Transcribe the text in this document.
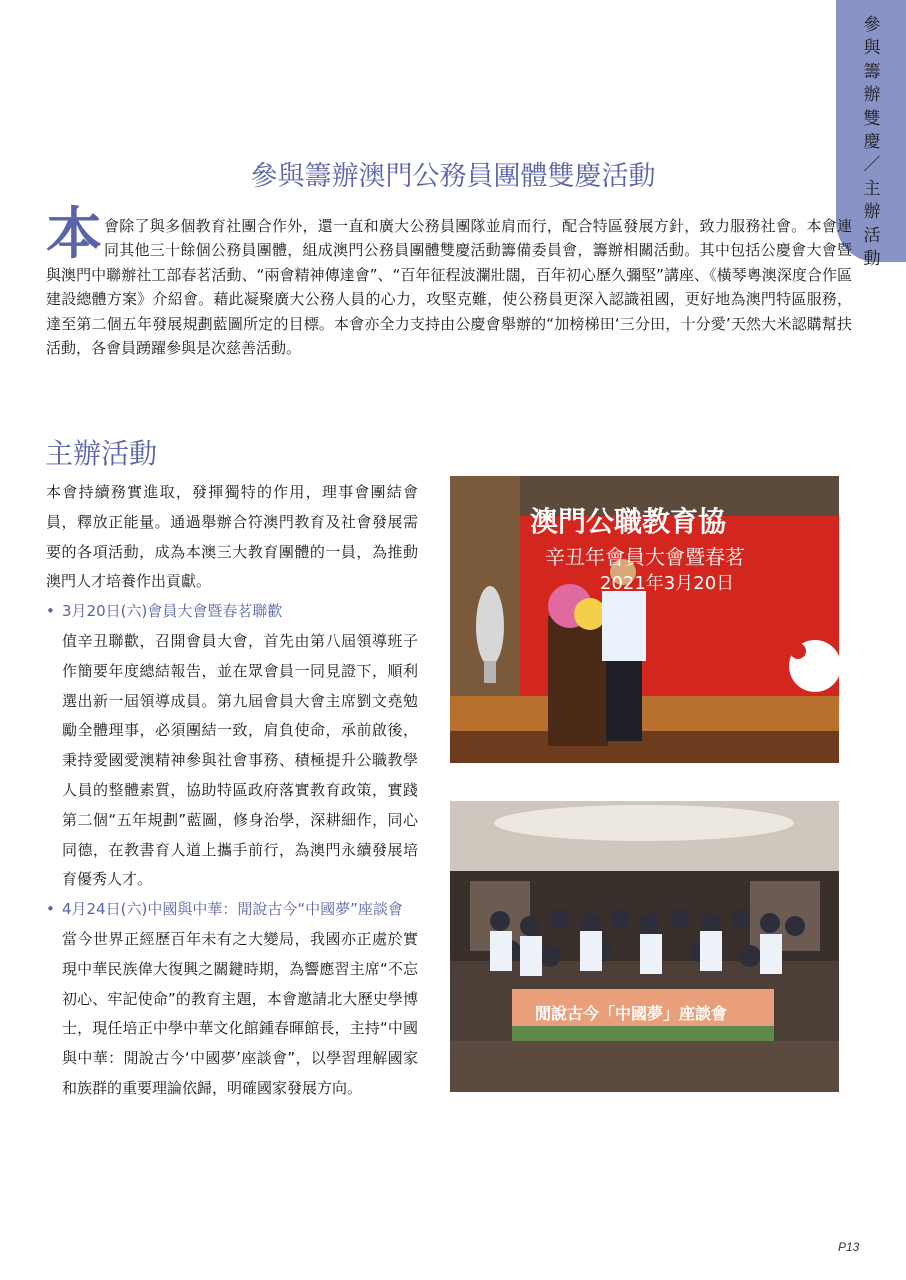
參與籌辦雙慶／主辦活動
參與籌辦澳門公務員團體雙慶活動
本 會除了與多個教育社團合作外，還一直和廣大公務員團隊並肩而行，配合特區發展方針，致力服務社會。本會連同其他三十餘個公務員團體，組成澳門公務員團體雙慶活動籌備委員會，籌辦相關活動。其中包括公慶會大會暨與澳門中聯辦社工部春茗活動、“兩會精神傳達會”、“百年征程波瀾壯闊，百年初心歷久彌堅”講座、《橫琴粵澳深度合作區建設總體方案》介紹會。藉此凝聚廣大公務人員的心力，攻堅克難，使公務員更深入認識祖國，更好地為澳門特區服務，達至第二個五年發展規劃藍圖所定的目標。本會亦全力支持由公慶會舉辦的“加榜梯田‘三分田，十分愛’天然大米認購幫扶活動，各會員踴躍參與是次慈善活動。

主辦活動

本會持續務實進取，發揮獨特的作用，理事會團結會員，釋放正能量。通過舉辦合符澳門教育及社會發展需要的各項活動，成為本澳三大教育團體的一員，為推動澳門人才培養作出貢獻。

• 3月20日(六)會員大會暨春茗聯歡

值辛丑聯歡，召開會員大會，首先由第八屆領導班子作簡要年度總結報告，並在眾會員一同見證下，順利選出新一屆領導成員。第九屆會員大會主席劉文堯勉勵全體理事，必須團結一致，肩負使命，承前啟後，秉持愛國愛澳精神參與社會事務、積極提升公職教學人員的整體素質，協助特區政府落實教育政策，實踐第二個“五年規劃”藍圖，修身治學，深耕細作，同心同德，在教書育人道上攜手前行，為澳門永續發展培育優秀人才。

• 4月24日(六)中國與中華：閒說古今“中國夢”座談會

當今世界正經歷百年未有之大變局，我國亦正處於實現中華民族偉大復興之關鍵時期，為響應習主席“不忘初心、牢記使命”的教育主題，本會邀請北大歷史學博士，現任培正中學中華文化館鍾春暉館長，主持“中國與中華：閒說古今‘中國夢’座談會”，以學習理解國家和族群的重要理論依歸，明確國家發展方向。

澳門公職教育協
辛丑年會員大會暨春茗
2021年3月20日
閒說古今「中國夢」座談會
P13
